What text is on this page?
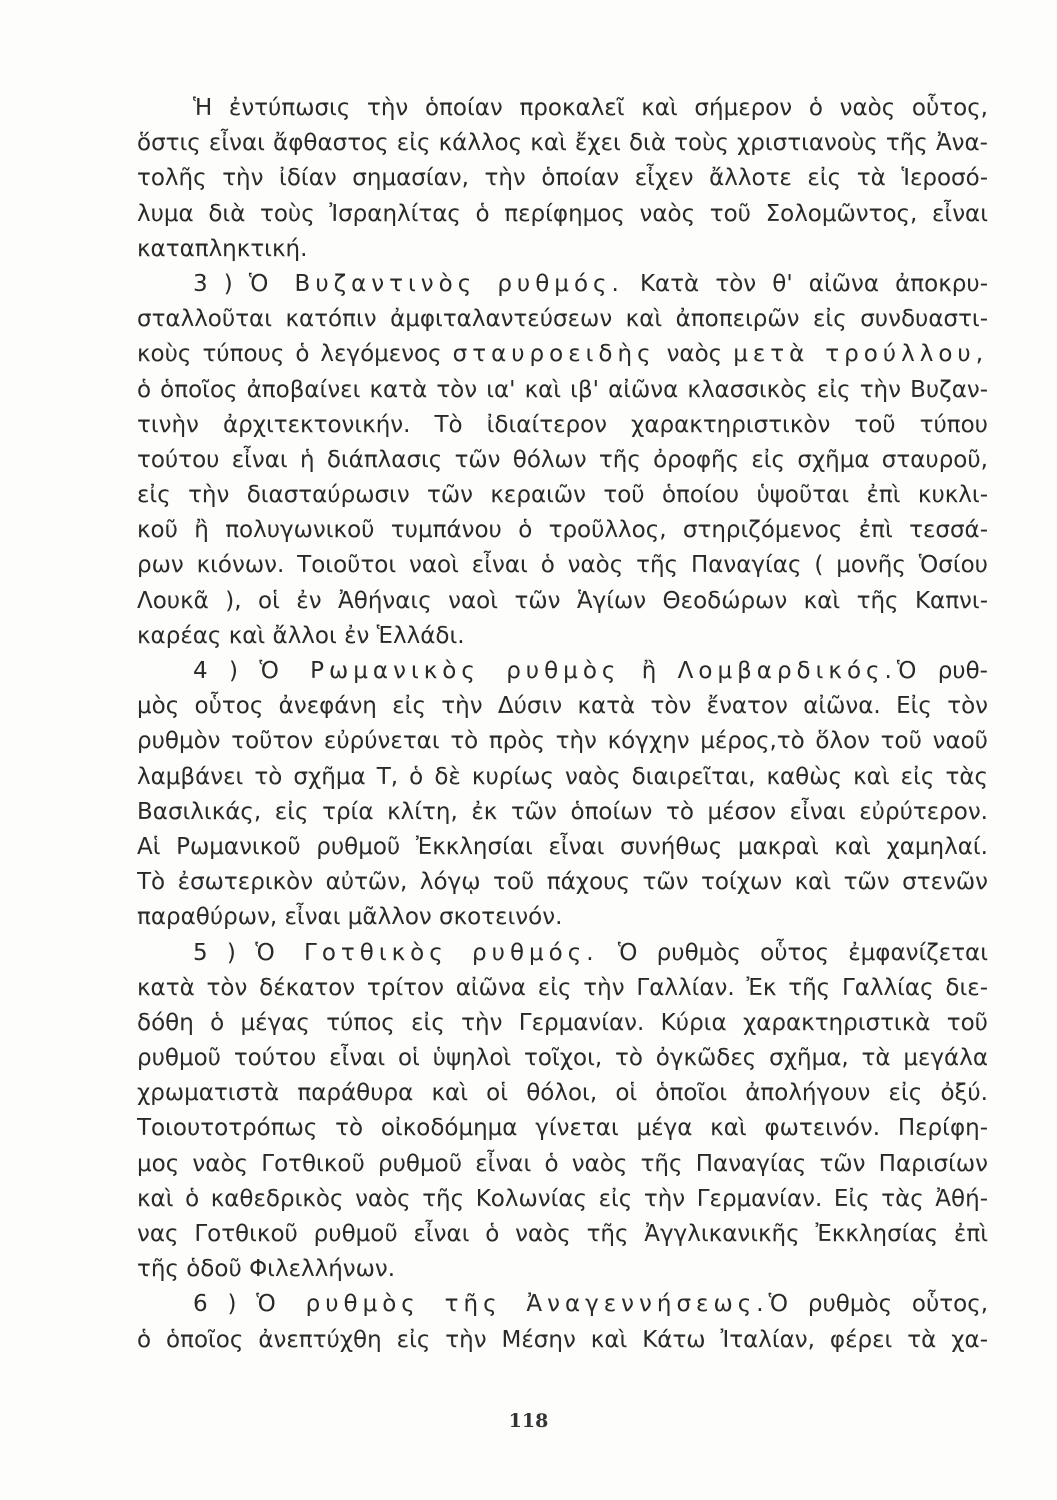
Ἡ ἐντύπωσις τὴν ὁποίαν προκαλεῖ καὶ σήμερον ὁ ναὸς οὗτος,
ὅστις εἶναι ἄφθαστος εἰς κάλλος καὶ ἔχει διὰ τοὺς χριστιανοὺς τῆς Ἀνα-
τολῆς τὴν ἰδίαν σημασίαν, τὴν ὁποίαν εἶχεν ἄλλοτε εἰς τὰ Ἱεροσό-
λυμα διὰ τοὺς Ἰσραηλίτας ὁ περίφημος ναὸς τοῦ Σολομῶντος, εἶναι
καταπληκτική.
3 ) Ὁ Βυζαντινὸς ρυθμός. Κατὰ τὸν θ' αἰῶνα ἀποκρυ-
σταλλοῦται κατόπιν ἀμφιταλαντεύσεων καὶ ἀποπειρῶν εἰς συνδυαστι-
κοὺς τύπους ὁ λεγόμενος σταυροειδὴς ναὸς μετὰ τρούλλου,
ὁ ὁποῖος ἀποβαίνει κατὰ τὸν ια' καὶ ιβ' αἰῶνα κλασσικὸς εἰς τὴν Βυζαν-
τινὴν ἀρχιτεκτονικήν. Τὸ ἰδιαίτερον χαρακτηριστικὸν τοῦ τύπου
τούτου εἶναι ἡ διάπλασις τῶν θόλων τῆς ὀροφῆς εἰς σχῆμα σταυροῦ,
εἰς τὴν διασταύρωσιν τῶν κεραιῶν τοῦ ὁποίου ὑψοῦται ἐπὶ κυκλι-
κοῦ ἢ πολυγωνικοῦ τυμπάνου ὁ τροῦλλος, στηριζόμενος ἐπὶ τεσσά-
ρων κιόνων. Τοιοῦτοι ναοὶ εἶναι ὁ ναὸς τῆς Παναγίας ( μονῆς Ὁσίου
Λουκᾶ ), οἱ ἐν Ἀθήναις ναοὶ τῶν Ἁγίων Θεοδώρων καὶ τῆς Καπνι-
καρέας καὶ ἄλλοι ἐν Ἑλλάδι.
4 ) Ὁ Ρωμανικὸς ρυθμὸς ἢ Λομβαρδικός.Ὁ ρυθ-
μὸς οὗτος ἀνεφάνη εἰς τὴν Δύσιν κατὰ τὸν ἔνατον αἰῶνα. Εἰς τὸν
ρυθμὸν τοῦτον εὐρύνεται τὸ πρὸς τὴν κόγχην μέρος,τὸ ὅλον τοῦ ναοῦ
λαμβάνει τὸ σχῆμα Τ, ὁ δὲ κυρίως ναὸς διαιρεῖται, καθὼς καὶ εἰς τὰς
Βασιλικάς, εἰς τρία κλίτη, ἐκ τῶν ὁποίων τὸ μέσον εἶναι εὐρύτερον.
Αἱ Ρωμανικοῦ ρυθμοῦ Ἐκκλησίαι εἶναι συνήθως μακραὶ καὶ χαμηλαί.
Τὸ ἐσωτερικὸν αὐτῶν, λόγῳ τοῦ πάχους τῶν τοίχων καὶ τῶν στενῶν
παραθύρων, εἶναι μᾶλλον σκοτεινόν.
5 ) Ὁ Γοτθικὸς ρυθμός. Ὁ ρυθμὸς οὗτος ἐμφανίζεται
κατὰ τὸν δέκατον τρίτον αἰῶνα εἰς τὴν Γαλλίαν. Ἐκ τῆς Γαλλίας διε-
δόθη ὁ μέγας τύπος εἰς τὴν Γερμανίαν. Κύρια χαρακτηριστικὰ τοῦ
ρυθμοῦ τούτου εἶναι οἱ ὑψηλοὶ τοῖχοι, τὸ ὀγκῶδες σχῆμα, τὰ μεγάλα
χρωματιστὰ παράθυρα καὶ οἱ θόλοι, οἱ ὁποῖοι ἀπολήγουν εἰς ὀξύ.
Τοιουτοτρόπως τὸ οἰκοδόμημα γίνεται μέγα καὶ φωτεινόν. Περίφη-
μος ναὸς Γοτθικοῦ ρυθμοῦ εἶναι ὁ ναὸς τῆς Παναγίας τῶν Παρισίων
καὶ ὁ καθεδρικὸς ναὸς τῆς Κολωνίας εἰς τὴν Γερμανίαν. Εἰς τὰς Ἀθή-
νας Γοτθικοῦ ρυθμοῦ εἶναι ὁ ναὸς τῆς Ἀγγλικανικῆς Ἐκκλησίας ἐπὶ
τῆς ὁδοῦ Φιλελλήνων.
6 ) Ὁ ρυθμὸς τῆς Ἀναγεννήσεως.Ὁ ρυθμὸς οὗτος,
ὁ ὁποῖος ἀνεπτύχθη εἰς τὴν Μέσην καὶ Κάτω Ἰταλίαν, φέρει τὰ χα-
118
